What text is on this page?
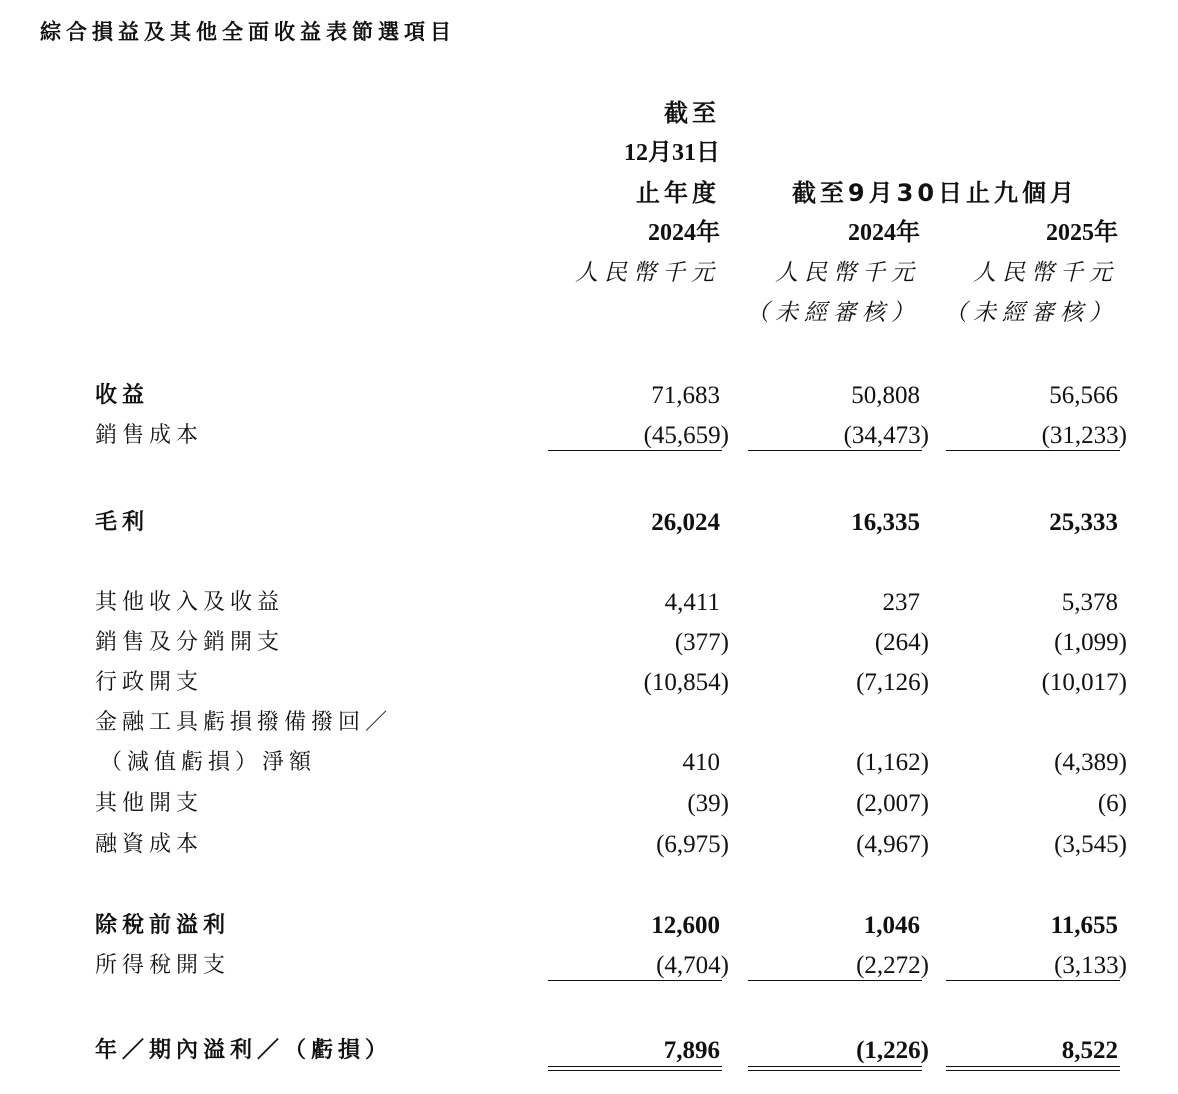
綜合損益及其他全面收益表節選項目
截至
12月31日
止年度
2024年
人民幣千元
截至9月30日止九個月
2024年
人民幣千元
（未經審核）
2025年
人民幣千元
（未經審核）
收益	71,683	50,808	56,566
銷售成本	(45,659)	(34,473)	(31,233)
毛利	26,024	16,335	25,333
其他收入及收益	4,411	237	5,378
銷售及分銷開支	(377)	(264)	(1,099)
行政開支	(10,854)	(7,126)	(10,017)
金融工具虧損撥備撥回／
（減值虧損）淨額	410	(1,162)	(4,389)
其他開支	(39)	(2,007)	(6)
融資成本	(6,975)	(4,967)	(3,545)
除稅前溢利	12,600	1,046	11,655
所得稅開支	(4,704)	(2,272)	(3,133)
年／期內溢利／（虧損）	7,896	(1,226)	8,522
